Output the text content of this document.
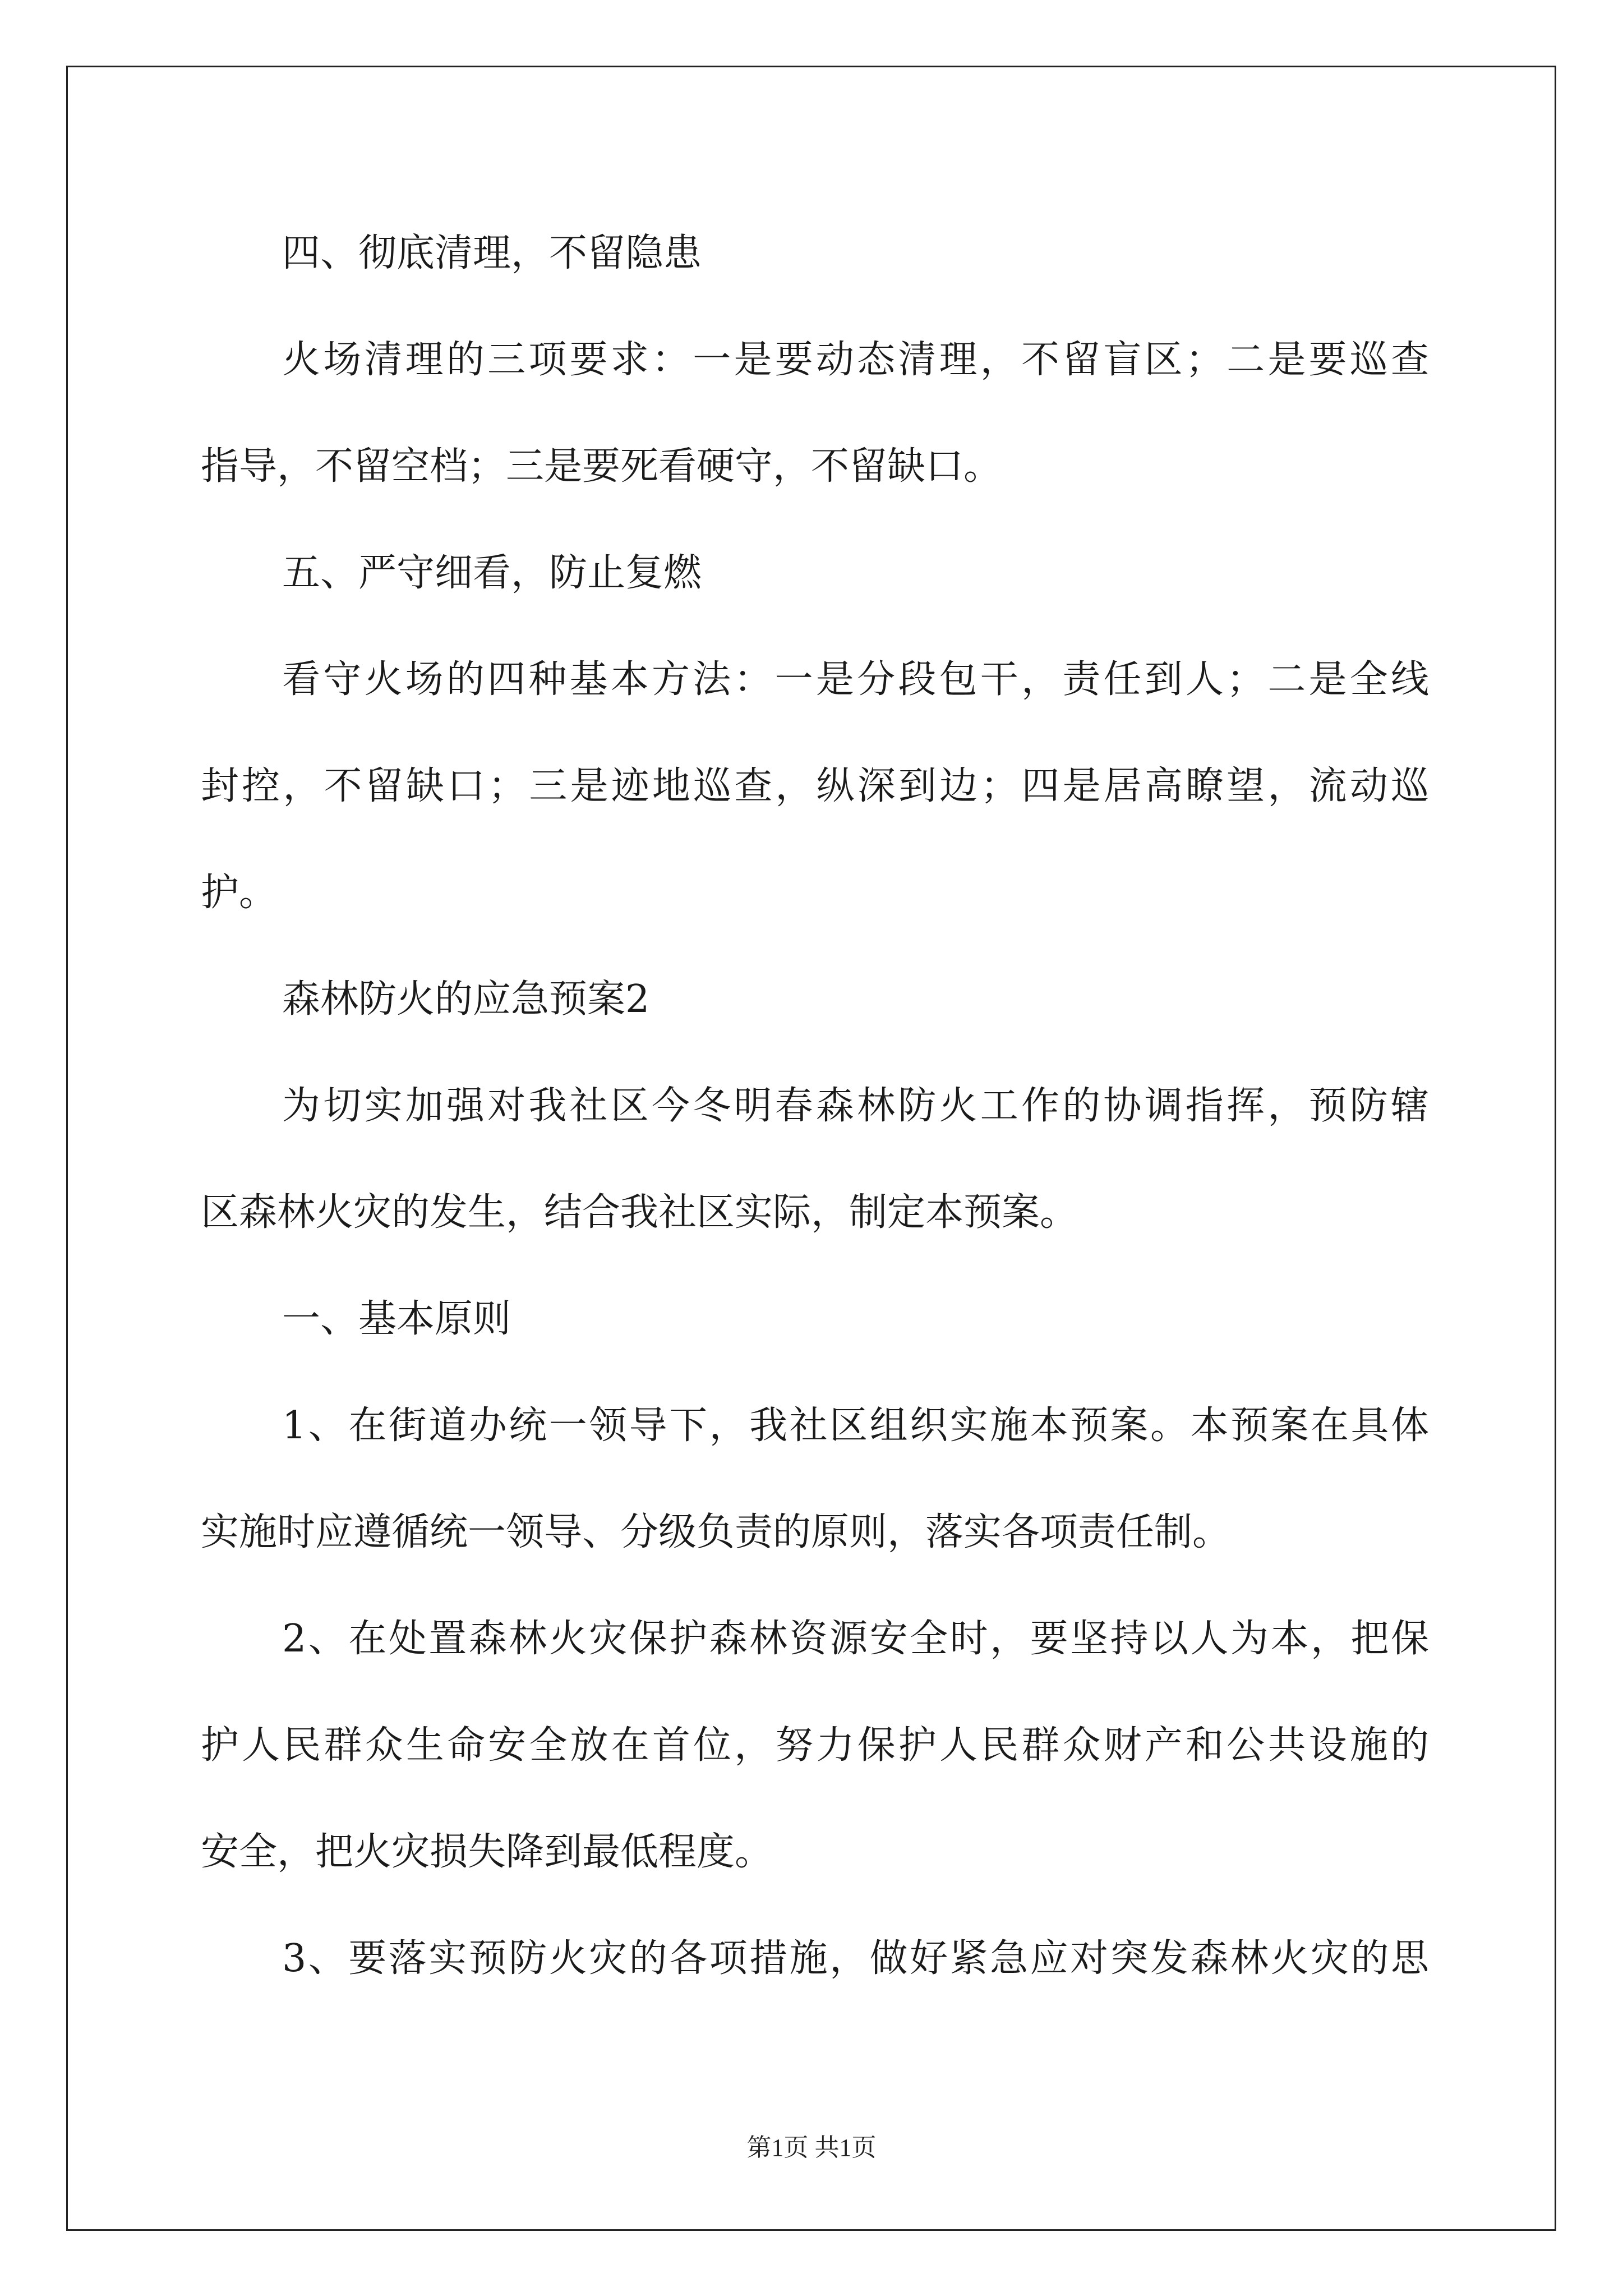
四、彻底清理，不留隐患
火场清理的三项要求：一是要动态清理，不留盲区；二是要巡查
指导，不留空档；三是要死看硬守，不留缺口。
五、严守细看，防止复燃
看守火场的四种基本方法：一是分段包干，责任到人；二是全线
封控，不留缺口；三是迹地巡查，纵深到边；四是居高瞭望，流动巡
护。
森林防火的应急预案2
为切实加强对我社区今冬明春森林防火工作的协调指挥，预防辖
区森林火灾的发生，结合我社区实际，制定本预案。
一、基本原则
1、在街道办统一领导下，我社区组织实施本预案。本预案在具体
实施时应遵循统一领导、分级负责的原则，落实各项责任制。
2、在处置森林火灾保护森林资源安全时，要坚持以人为本，把保
护人民群众生命安全放在首位，努力保护人民群众财产和公共设施的
安全，把火灾损失降到最低程度。
3、要落实预防火灾的各项措施，做好紧急应对突发森林火灾的思
第1页 共1页
